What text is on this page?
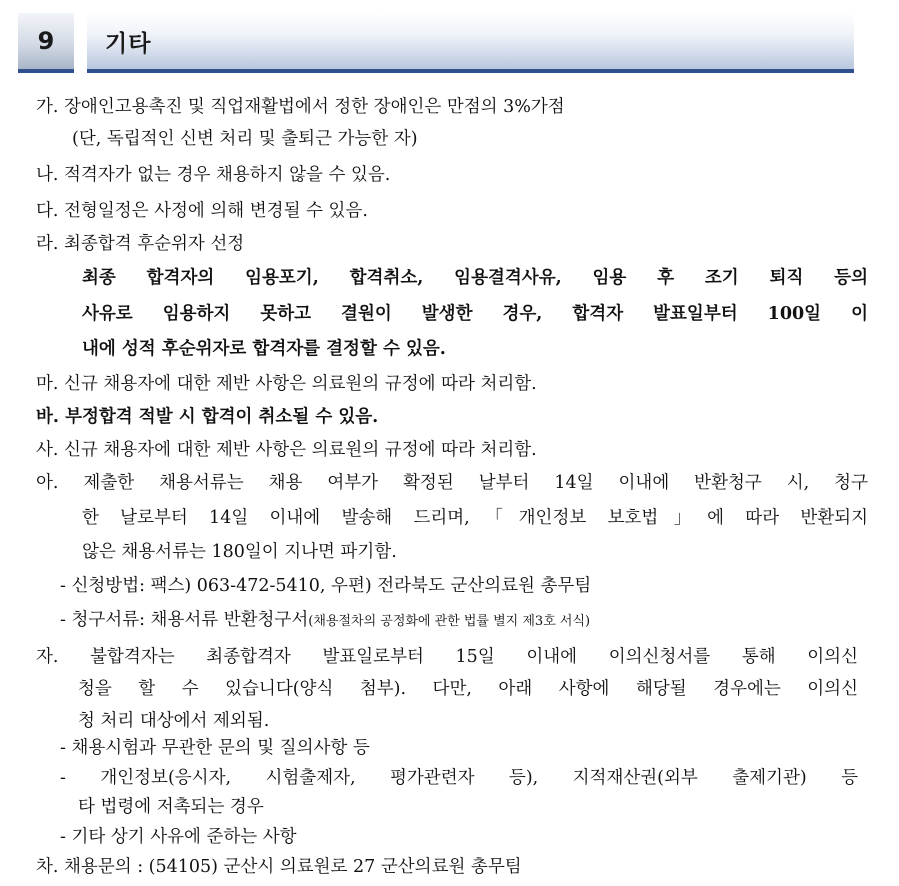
9	기타
가. 장애인고용촉진 및 직업재활법에서 정한 장애인은 만점의 3%가점
(단, 독립적인 신변 처리 및 출퇴근 가능한 자)
나. 적격자가 없는 경우 채용하지 않을 수 있음.
다. 전형일정은 사정에 의해 변경될 수 있음.
라. 최종합격 후순위자 선정
최종 합격자의 임용포기, 합격취소, 임용결격사유, 임용 후 조기 퇴직 등의
사유로 임용하지 못하고 결원이 발생한 경우, 합격자 발표일부터 100일 이
내에 성적 후순위자로 합격자를 결정할 수 있음.
마. 신규 채용자에 대한 제반 사항은 의료원의 규정에 따라 처리함.
바. 부정합격 적발 시 합격이 취소될 수 있음.
사. 신규 채용자에 대한 제반 사항은 의료원의 규정에 따라 처리함.
아. 제출한 채용서류는 채용 여부가 확정된 날부터 14일 이내에 반환청구 시, 청구
한 날로부터 14일 이내에 발송해 드리며,「개인정보 보호법」에 따라 반환되지
않은 채용서류는 180일이 지나면 파기함.
- 신청방법: 팩스) 063-472-5410, 우편) 전라북도 군산의료원 총무팀
- 청구서류: 채용서류 반환청구서(채용절차의 공정화에 관한 법률 별지 제3호 서식)
자. 불합격자는 최종합격자 발표일로부터 15일 이내에 이의신청서를 통해 이의신
청을 할 수 있습니다(양식 첨부). 다만, 아래 사항에 해당될 경우에는 이의신
청 처리 대상에서 제외됨.
- 채용시험과 무관한 문의 및 질의사항 등
- 개인정보(응시자, 시험출제자, 평가관련자 등), 지적재산권(외부 출제기관) 등
타 법령에 저촉되는 경우
- 기타 상기 사유에 준하는 사항
차. 채용문의 : (54105) 군산시 의료원로 27 군산의료원 총무팀
